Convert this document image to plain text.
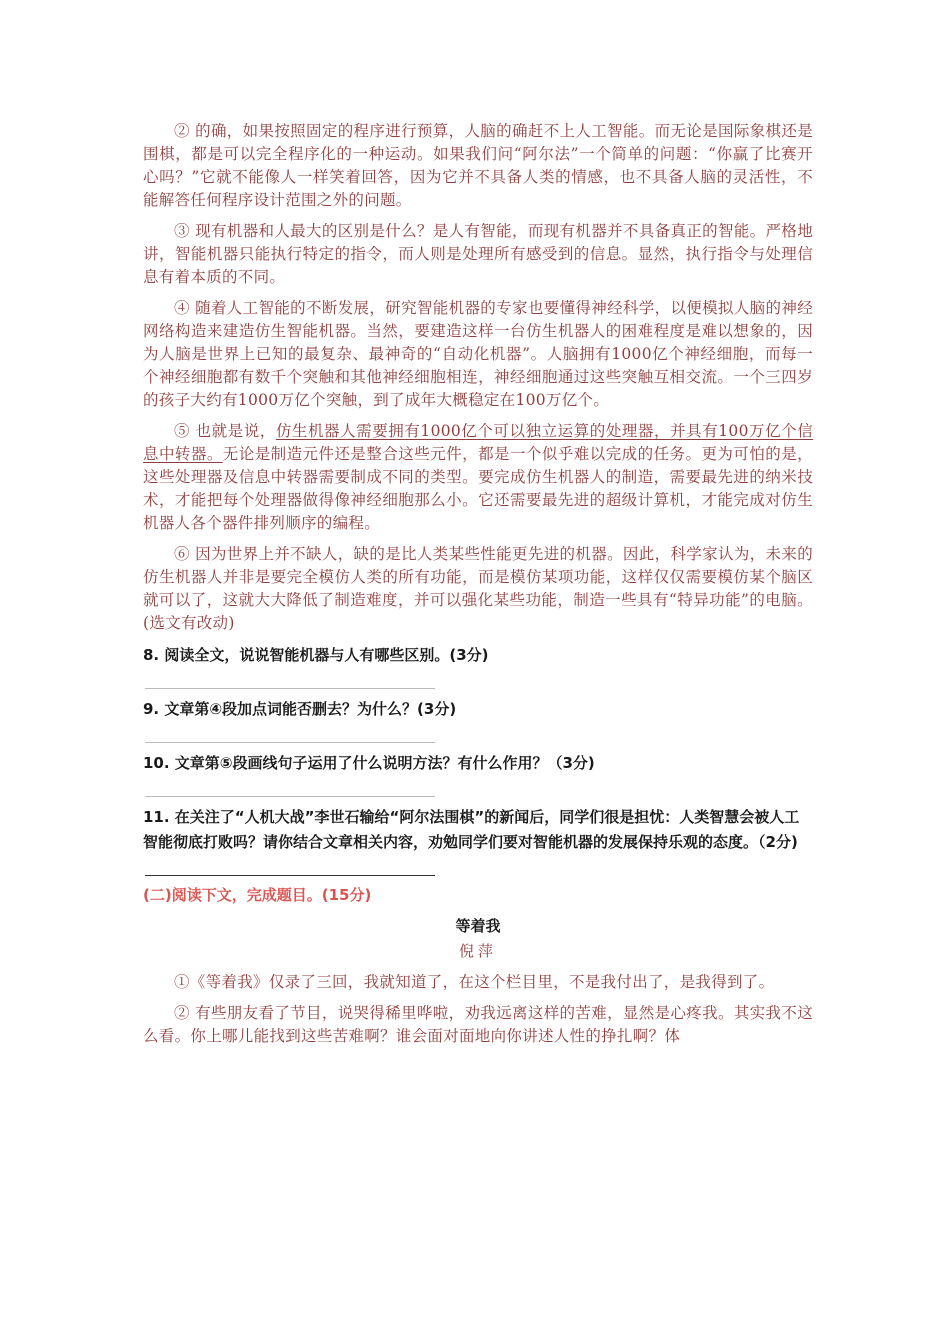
② 的确，如果按照固定的程序进行预算，人脑的确赶不上人工智能。而无论是国际象棋还是围棋，都是可以完全程序化的一种运动。如果我们问“阿尔法”一个简单的问题：“你赢了比赛开心吗？”它就不能像人一样笑着回答，因为它并不具备人类的情感，也不具备人脑的灵活性，不能解答任何程序设计范围之外的问题。

③ 现有机器和人最大的区别是什么？是人有智能，而现有机器并不具备真正的智能。严格地讲，智能机器只能执行特定的指令，而人则是处理所有感受到的信息。显然，执行指令与处理信息有着本质的不同。

④ 随着人工智能的不断发展，研究智能机器的专家也要懂得神经科学，以便模拟人脑的神经网络构造来建造仿生智能机器。当然，要建造这样一台仿生机器人的困难程度是难以想象的，因为人脑是世界上已知的最复杂、最神奇的“自动化机器”。人脑拥有1000亿个神经细胞，而每一个神经细胞都有数千个突触和其他神经细胞相连，神经细胞通过这些突触互相交流。一个三四岁的孩子大约有1000万亿个突触，到了成年大概稳定在100万亿个。

⑤ 也就是说，仿生机器人需要拥有1000亿个可以独立运算的处理器，并具有100万亿个信息中转器。无论是制造元件还是整合这些元件，都是一个似乎难以完成的任务。更为可怕的是，这些处理器及信息中转器需要制成不同的类型。要完成仿生机器人的制造，需要最先进的纳米技术，才能把每个处理器做得像神经细胞那么小。它还需要最先进的超级计算机，才能完成对仿生机器人各个器件排列顺序的编程。

⑥ 因为世界上并不缺人，缺的是比人类某些性能更先进的机器。因此，科学家认为，未来的仿生机器人并非是要完全模仿人类的所有功能，而是模仿某项功能，这样仅仅需要模仿某个脑区就可以了，这就大大降低了制造难度，并可以强化某些功能，制造一些具有“特异功能”的电脑。(选文有改动)

8. 阅读全文，说说智能机器与人有哪些区别。(3分)

9. 文章第④段加点词能否删去？为什么？(3分)

10. 文章第⑤段画线句子运用了什么说明方法？有什么作用？（3分)

11. 在关注了“人机大战”李世石输给“阿尔法围棋”的新闻后，同学们很是担忧：人类智慧会被人工智能彻底打败吗？请你结合文章相关内容，劝勉同学们要对智能机器的发展保持乐观的态度。（2分)

(二)阅读下文，完成题目。(15分)

等着我

倪萍

①《等着我》仅录了三回，我就知道了，在这个栏目里，不是我付出了，是我得到了。

② 有些朋友看了节目，说哭得稀里哗啦，劝我远离这样的苦难，显然是心疼我。其实我不这么看。你上哪儿能找到这些苦难啊？谁会面对面地向你讲述人性的挣扎啊？体
